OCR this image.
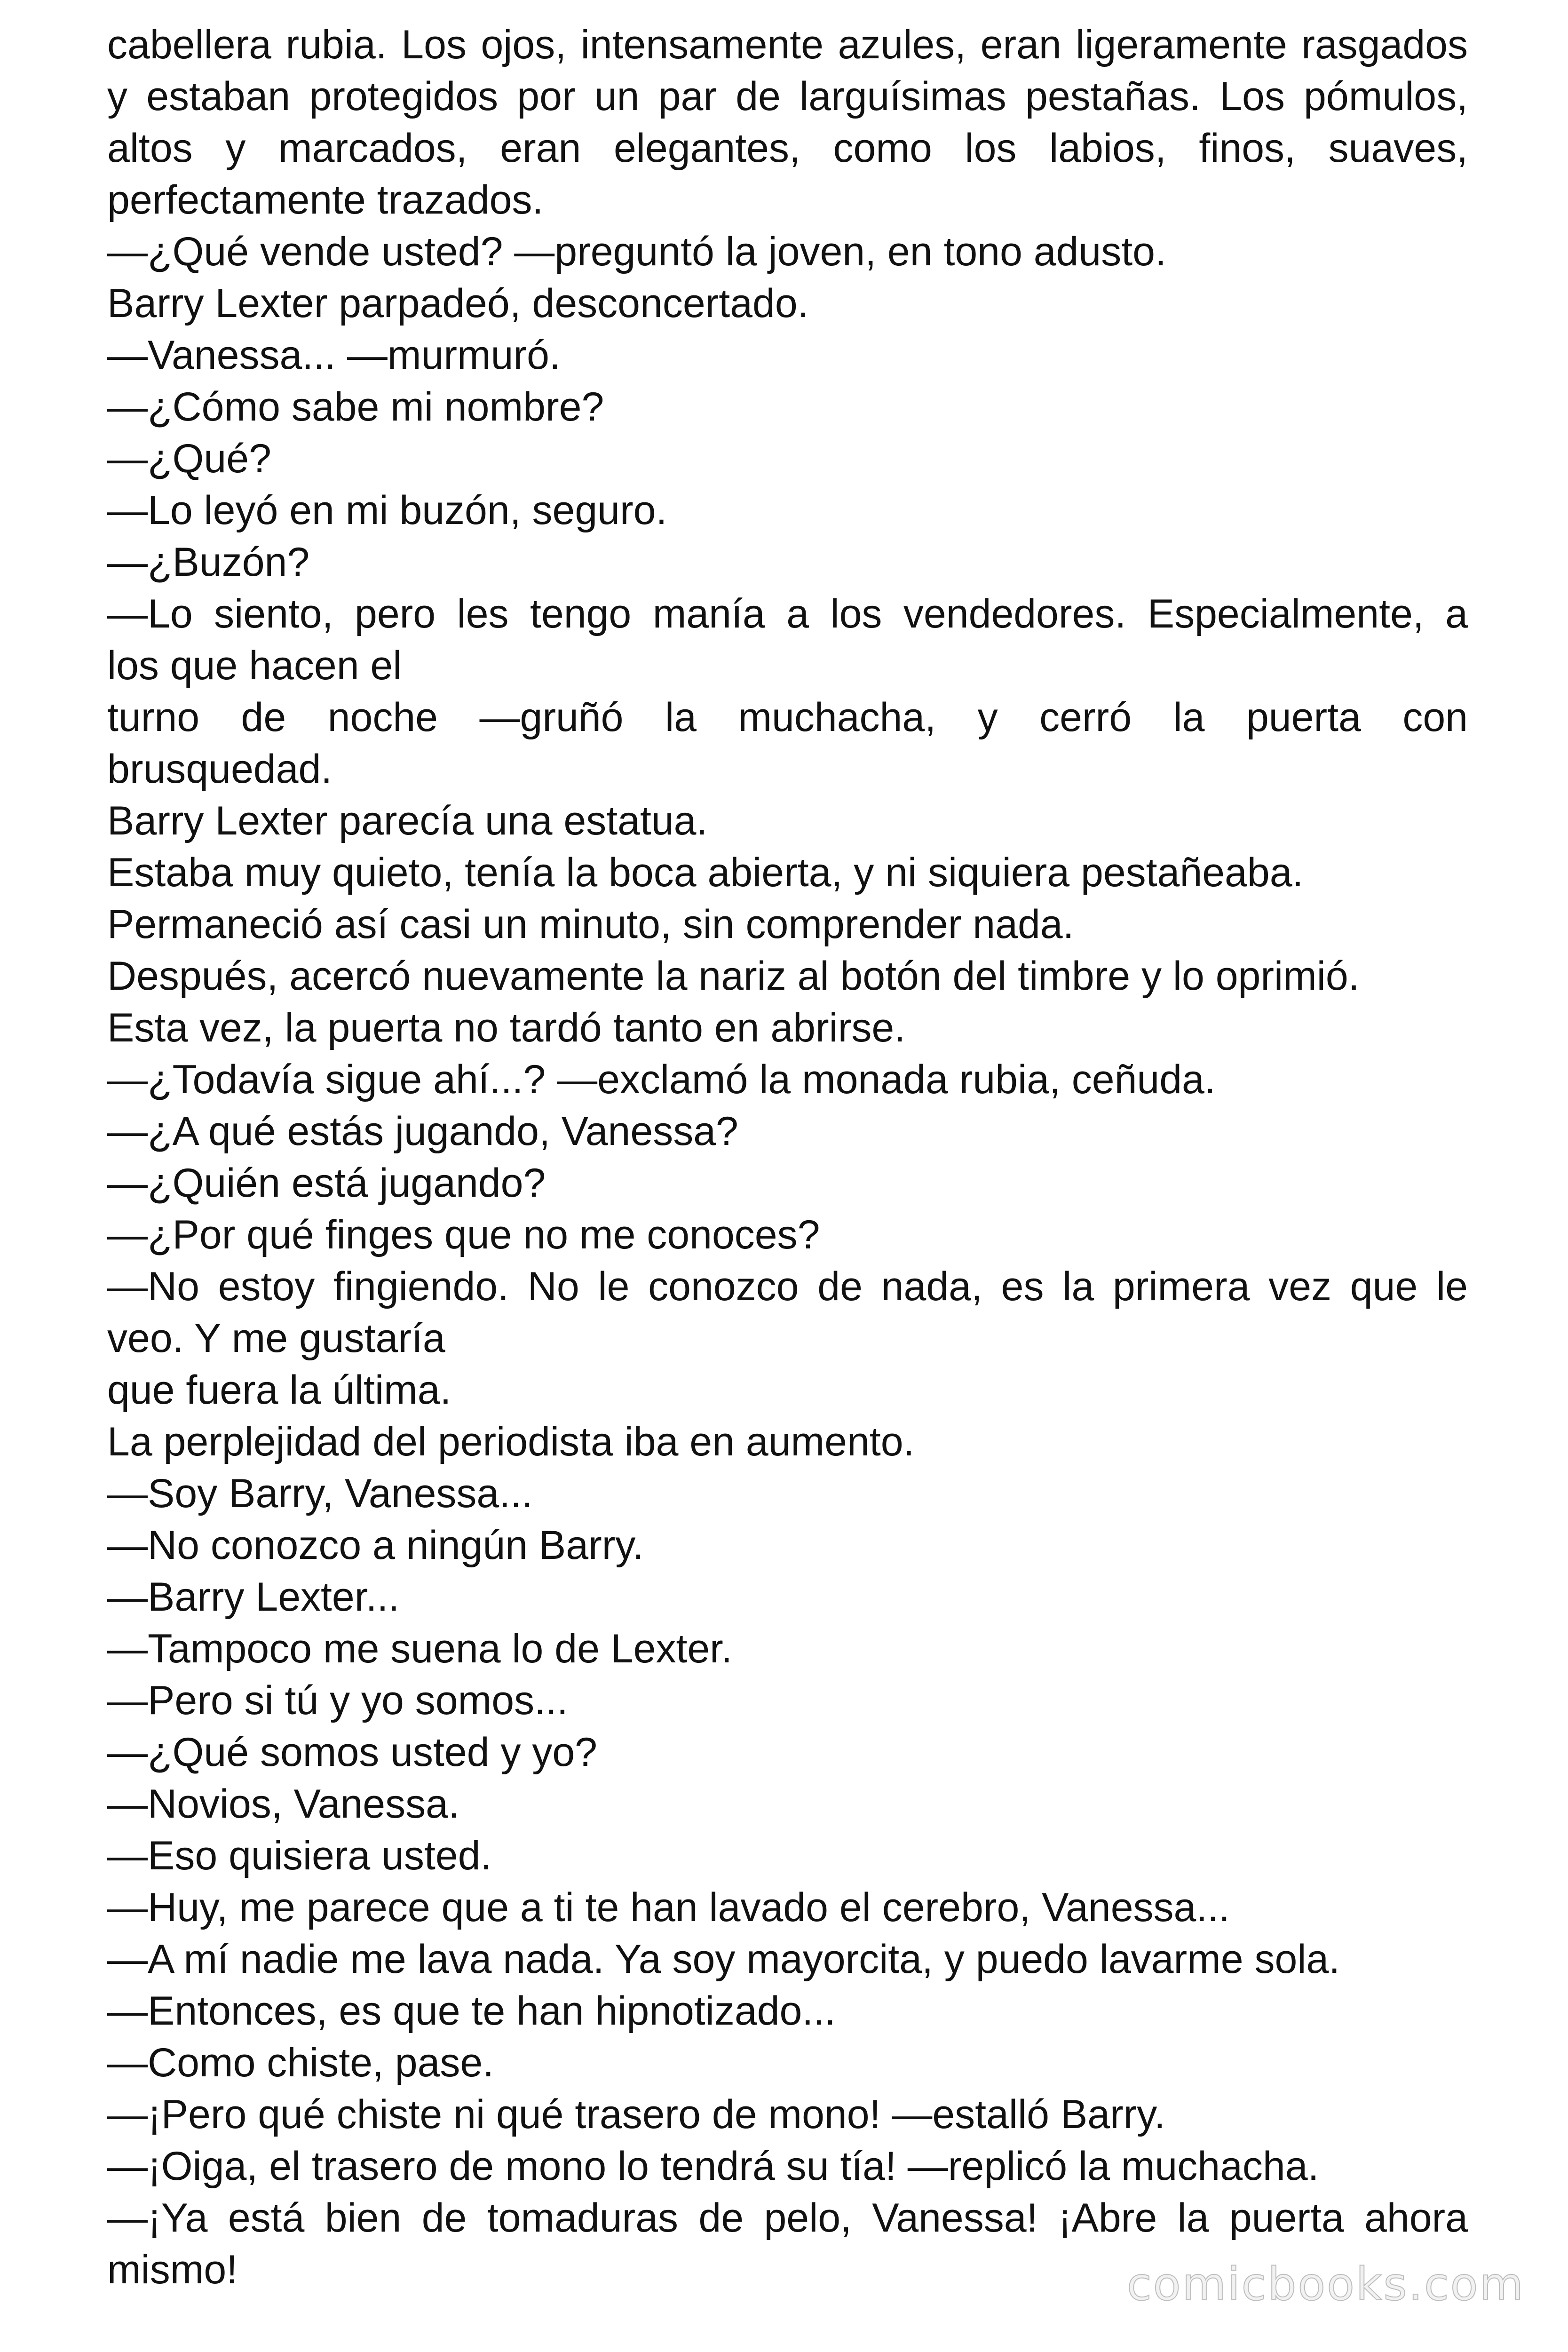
cabellera rubia. Los ojos, intensamente azules, eran ligeramente rasgados y estaban protegidos por un par de larguísimas pestañas. Los pómulos, altos y marcados, eran elegantes, como los labios, finos, suaves, perfectamente trazados.

—¿Qué vende usted? —preguntó la joven, en tono adusto.

Barry Lexter parpadeó, desconcertado.

—Vanessa... —murmuró.

—¿Cómo sabe mi nombre?

—¿Qué?

—Lo leyó en mi buzón, seguro.

—¿Buzón?

—Lo siento, pero les tengo manía a los vendedores. Especialmente, a

los que hacen el

turno de noche —gruñó la muchacha, y cerró la puerta con

brusquedad.

Barry Lexter parecía una estatua.

Estaba muy quieto, tenía la boca abierta, y ni siquiera pestañeaba.

Permaneció así casi un minuto, sin comprender nada.

Después, acercó nuevamente la nariz al botón del timbre y lo oprimió.

Esta vez, la puerta no tardó tanto en abrirse.

—¿Todavía sigue ahí...? —exclamó la monada rubia, ceñuda.

—¿A qué estás jugando, Vanessa?

—¿Quién está jugando?

—¿Por qué finges que no me conoces?

—No estoy fingiendo. No le conozco de nada, es la primera vez que le

veo. Y me gustaría

que fuera la última.

La perplejidad del periodista iba en aumento.

—Soy Barry, Vanessa...

—No conozco a ningún Barry.

—Barry Lexter...

—Tampoco me suena lo de Lexter.

—Pero si tú y yo somos...

—¿Qué somos usted y yo?

—Novios, Vanessa.

—Eso quisiera usted.

—Huy, me parece que a ti te han lavado el cerebro, Vanessa...

—A mí nadie me lava nada. Ya soy mayorcita, y puedo lavarme sola.

—Entonces, es que te han hipnotizado...

—Como chiste, pase.

—¡Pero qué chiste ni qué trasero de mono! —estalló Barry.

—¡Oiga, el trasero de mono lo tendrá su tía! —replicó la muchacha.

—¡Ya está bien de tomaduras de pelo, Vanessa! ¡Abre la puerta ahora mismo!	comicbooks.com
